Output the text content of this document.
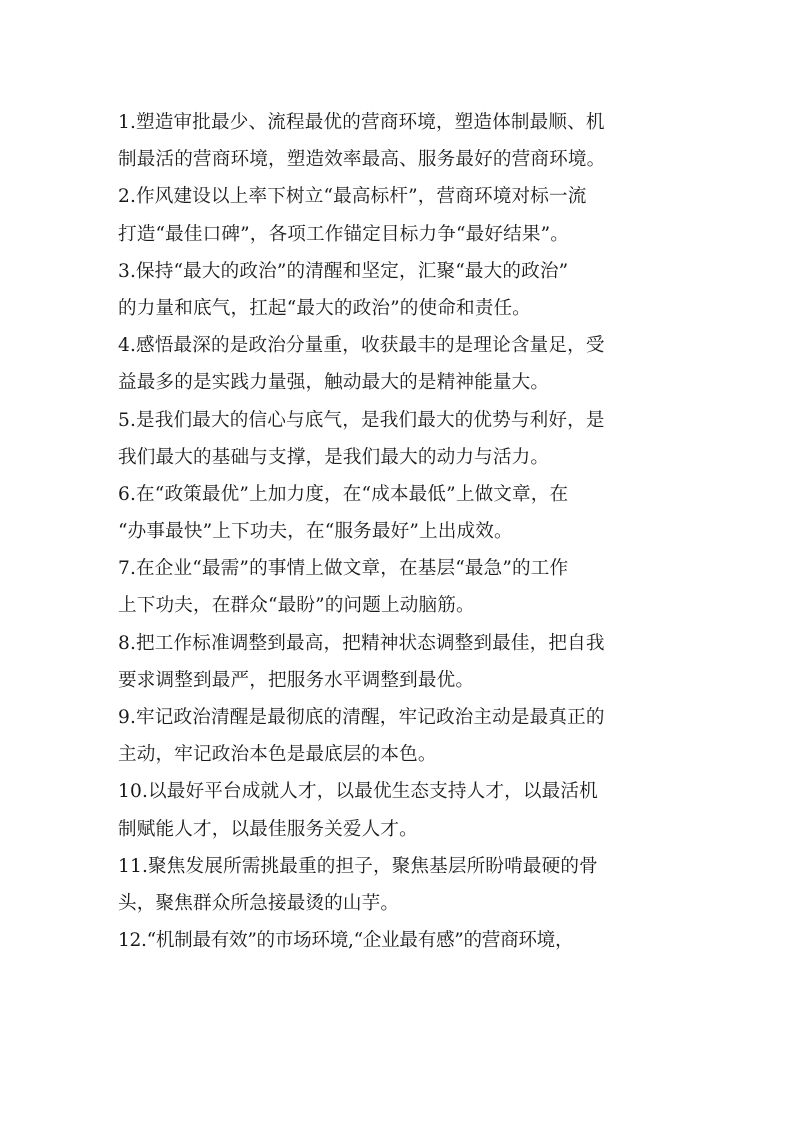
1.塑造审批最少、流程最优的营商环境，塑造体制最顺、机
制最活的营商环境，塑造效率最高、服务最好的营商环境。

2.作风建设以上率下树立“最高标杆”，营商环境对标一流
打造“最佳口碑”，各项工作锚定目标力争“最好结果”。

3.保持“最大的政治”的清醒和坚定，汇聚“最大的政治”
的力量和底气，扛起“最大的政治”的使命和责任。

4.感悟最深的是政治分量重，收获最丰的是理论含量足，受
益最多的是实践力量强，触动最大的是精神能量大。

5.是我们最大的信心与底气，是我们最大的优势与利好，是
我们最大的基础与支撑，是我们最大的动力与活力。

6.在“政策最优”上加力度，在“成本最低”上做文章，在
“办事最快”上下功夫，在“服务最好”上出成效。

7.在企业“最需”的事情上做文章，在基层“最急”的工作
上下功夫，在群众“最盼”的问题上动脑筋。

8.把工作标准调整到最高，把精神状态调整到最佳，把自我
要求调整到最严，把服务水平调整到最优。

9.牢记政治清醒是最彻底的清醒，牢记政治主动是最真正的
主动，牢记政治本色是最底层的本色。

10.以最好平台成就人才，以最优生态支持人才，以最活机
制赋能人才，以最佳服务关爱人才。

11.聚焦发展所需挑最重的担子，聚焦基层所盼啃最硬的骨
头，聚焦群众所急接最烫的山芋。

12.“机制最有效”的市场环境,“企业最有感”的营商环境，
